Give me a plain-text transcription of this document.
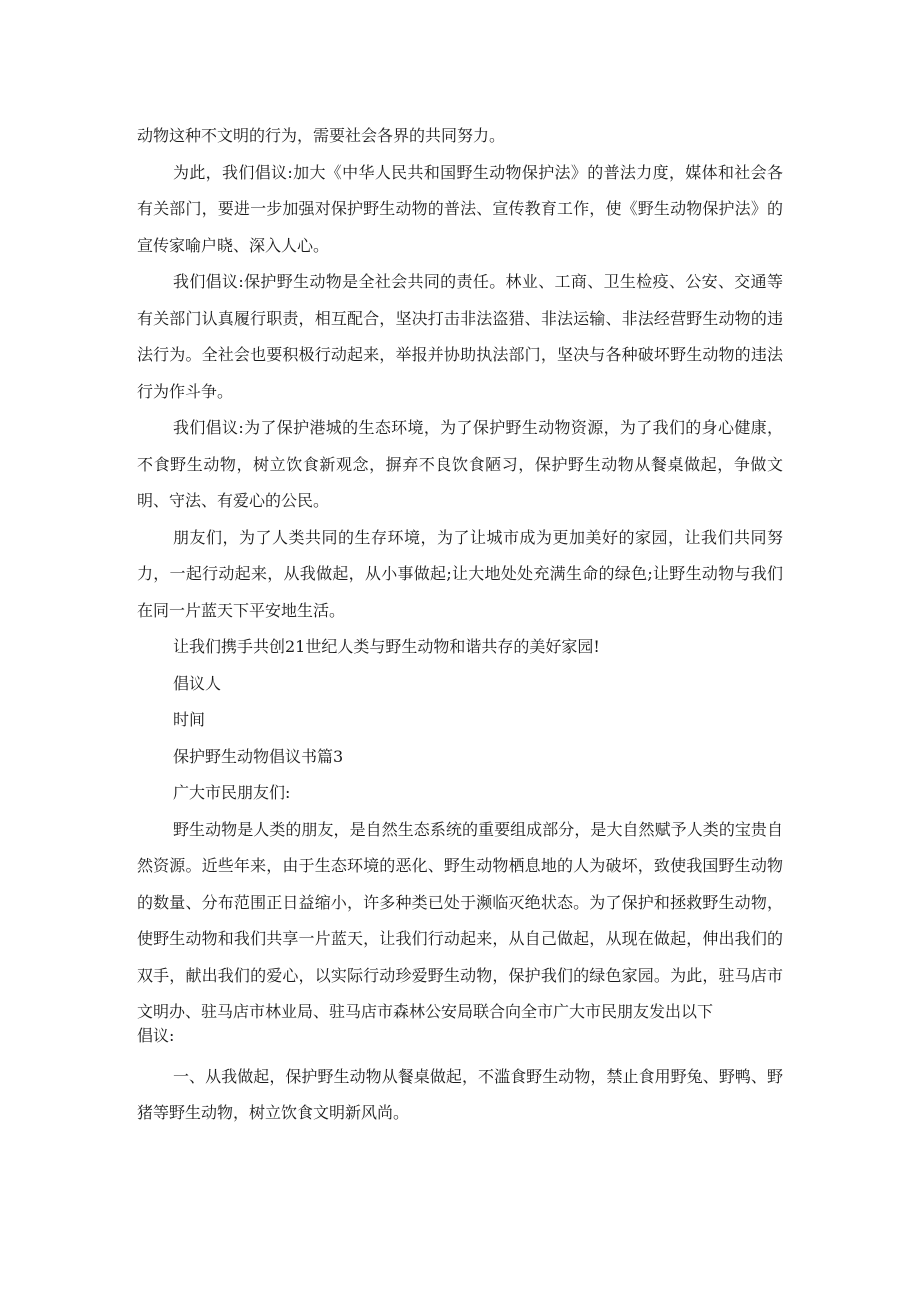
动物这种不文明的行为，需要社会各界的共同努力。

为此，我们倡议:加大《中华人民共和国野生动物保护法》的普法力度，媒体和社会各有关部门，要进一步加强对保护野生动物的普法、宣传教育工作，使《野生动物保护法》的宣传家喻户晓、深入人心。

我们倡议:保护野生动物是全社会共同的责任。林业、工商、卫生检疫、公安、交通等有关部门认真履行职责，相互配合，坚决打击非法盗猎、非法运输、非法经营野生动物的违法行为。全社会也要积极行动起来，举报并协助执法部门，坚决与各种破坏野生动物的违法行为作斗争。

我们倡议:为了保护港城的生态环境，为了保护野生动物资源，为了我们的身心健康，不食野生动物，树立饮食新观念，摒弃不良饮食陋习，保护野生动物从餐桌做起，争做文明、守法、有爱心的公民。

朋友们，为了人类共同的生存环境，为了让城市成为更加美好的家园，让我们共同努力，一起行动起来，从我做起，从小事做起;让大地处处充满生命的绿色;让野生动物与我们在同一片蓝天下平安地生活。

让我们携手共创21世纪人类与野生动物和谐共存的美好家园!

倡议人

时间

保护野生动物倡议书篇3

广大市民朋友们:

野生动物是人类的朋友，是自然生态系统的重要组成部分，是大自然赋予人类的宝贵自然资源。近些年来，由于生态环境的恶化、野生动物栖息地的人为破坏，致使我国野生动物的数量、分布范围正日益缩小，许多种类已处于濒临灭绝状态。为了保护和拯救野生动物，使野生动物和我们共享一片蓝天，让我们行动起来，从自己做起，从现在做起，伸出我们的双手，献出我们的爱心，以实际行动珍爱野生动物，保护我们的绿色家园。为此，驻马店市文明办、驻马店市林业局、驻马店市森林公安局联合向全市广大市民朋友发出以下

倡议:

一、从我做起，保护野生动物从餐桌做起，不滥食野生动物，禁止食用野兔、野鸭、野猪等野生动物，树立饮食文明新风尚。
